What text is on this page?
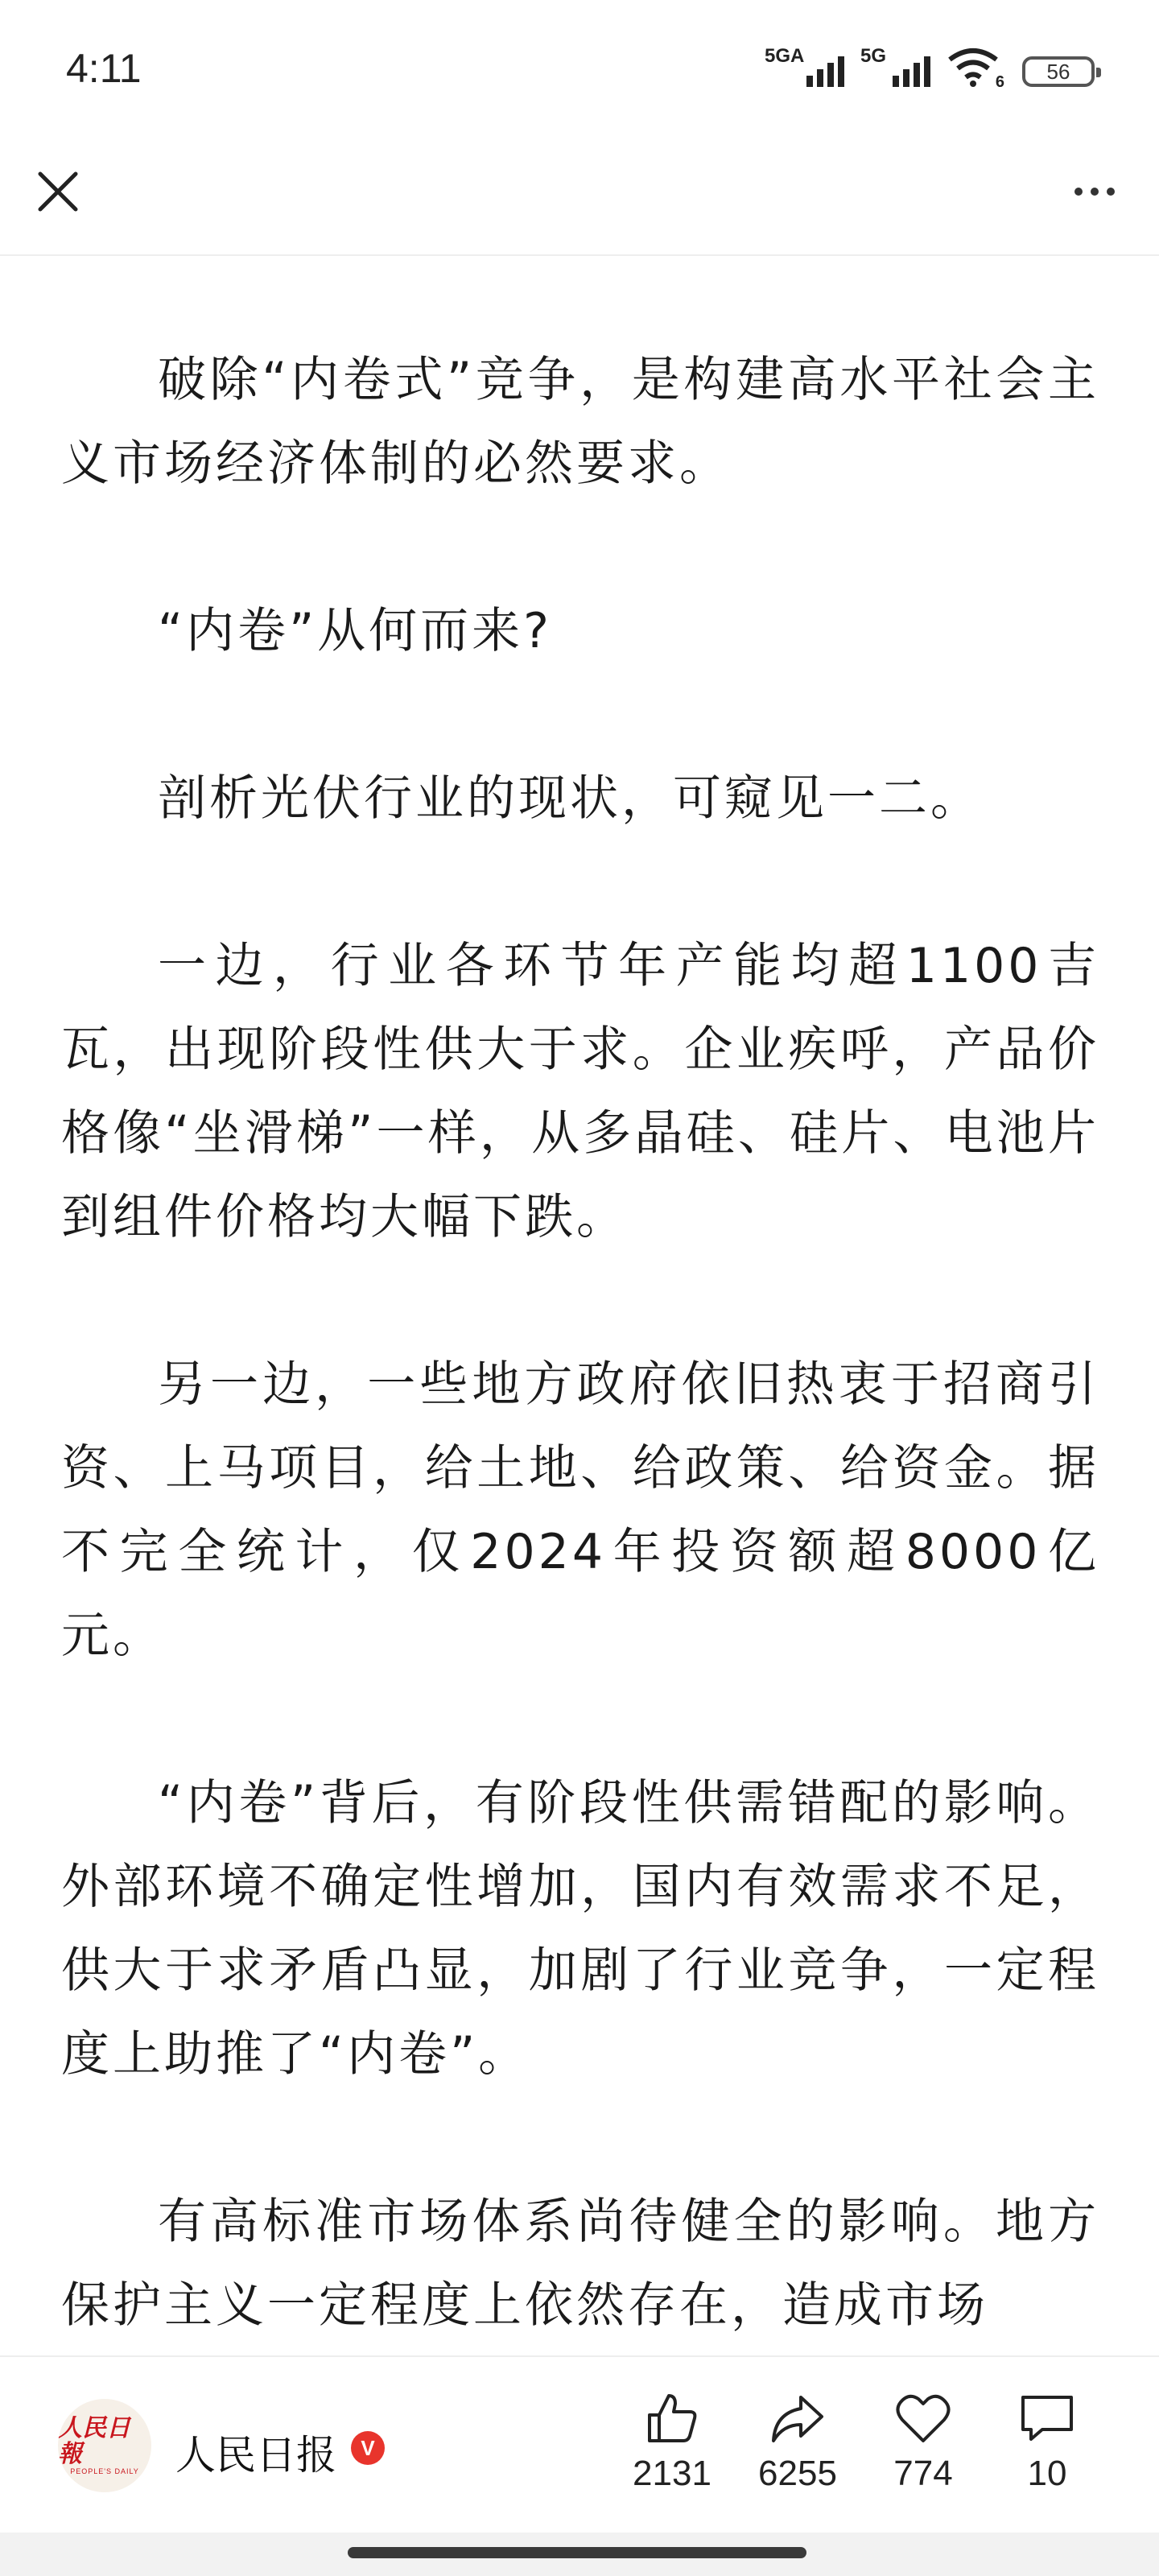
4:11	5GA	5G
6 56

破除“内卷式”竞争，是构建高水平社会主义市场经济体制的必然要求。

“内卷”从何而来?

剖析光伏行业的现状，可窥见一二。

一边，行业各环节年产能均超1100吉瓦，出现阶段性供大于求。企业疾呼，产品价格像“坐滑梯”一样，从多晶硅、硅片、电池片到组件价格均大幅下跌。

另一边，一些地方政府依旧热衷于招商引资、上马项目，给土地、给政策、给资金。据不完全统计，仅2024年投资额超8000亿元。

“内卷”背后，有阶段性供需错配的影响。外部环境不确定性增加，国内有效需求不足，供大于求矛盾凸显，加剧了行业竞争，一定程度上助推了“内卷”。

有高标准市场体系尚待健全的影响。地方保护主义一定程度上依然存在，造成市场

人民日報
PEOPLE'S DAILY 人民日报	V
2131 6255 774 10
